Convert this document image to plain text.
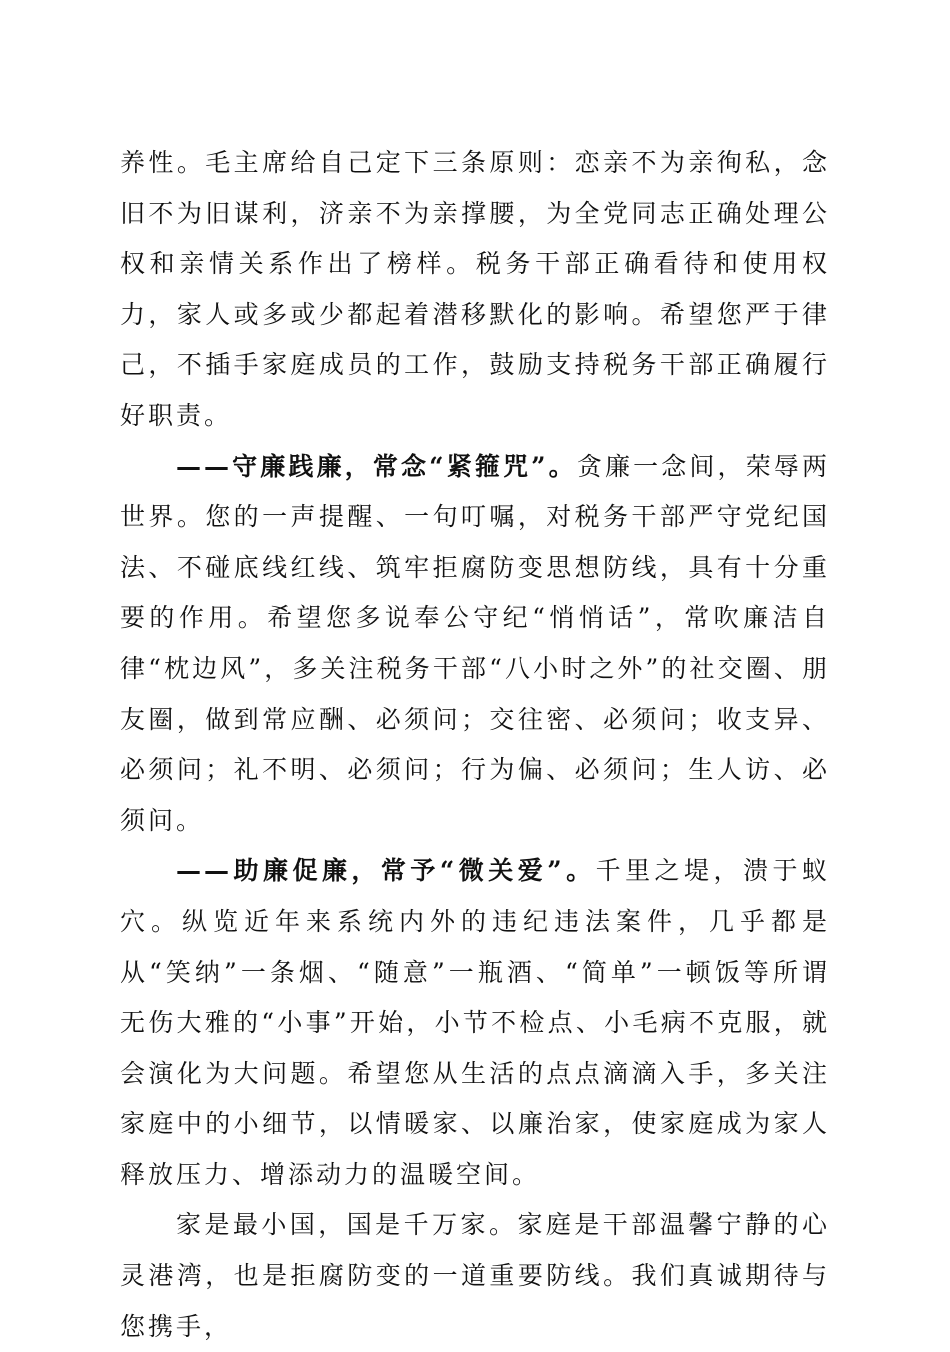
养性。毛主席给自己定下三条原则：恋亲不为亲徇私，念旧不为旧谋利，济亲不为亲撑腰，为全党同志正确处理公权和亲情关系作出了榜样。税务干部正确看待和使用权力，家人或多或少都起着潜移默化的影响。希望您严于律己，不插手家庭成员的工作，鼓励支持税务干部正确履行好职责。

——守廉践廉，常念“紧箍咒”。贪廉一念间，荣辱两世界。您的一声提醒、一句叮嘱，对税务干部严守党纪国法、不碰底线红线、筑牢拒腐防变思想防线，具有十分重要的作用。希望您多说奉公守纪“悄悄话”，常吹廉洁自律“枕边风”，多关注税务干部“八小时之外”的社交圈、朋友圈，做到常应酬、必须问；交往密、必须问；收支异、必须问；礼不明、必须问；行为偏、必须问；生人访、必须问。

——助廉促廉，常予“微关爱”。千里之堤，溃于蚁穴。纵览近年来系统内外的违纪违法案件，几乎都是从“笑纳”一条烟、“随意”一瓶酒、“简单”一顿饭等所谓无伤大雅的“小事”开始，小节不检点、小毛病不克服，就会演化为大问题。希望您从生活的点点滴滴入手，多关注家庭中的小细节，以情暖家、以廉治家，使家庭成为家人释放压力、增添动力的温暖空间。

家是最小国，国是千万家。家庭是干部温馨宁静的心灵港湾，也是拒腐防变的一道重要防线。我们真诚期待与您携手，
